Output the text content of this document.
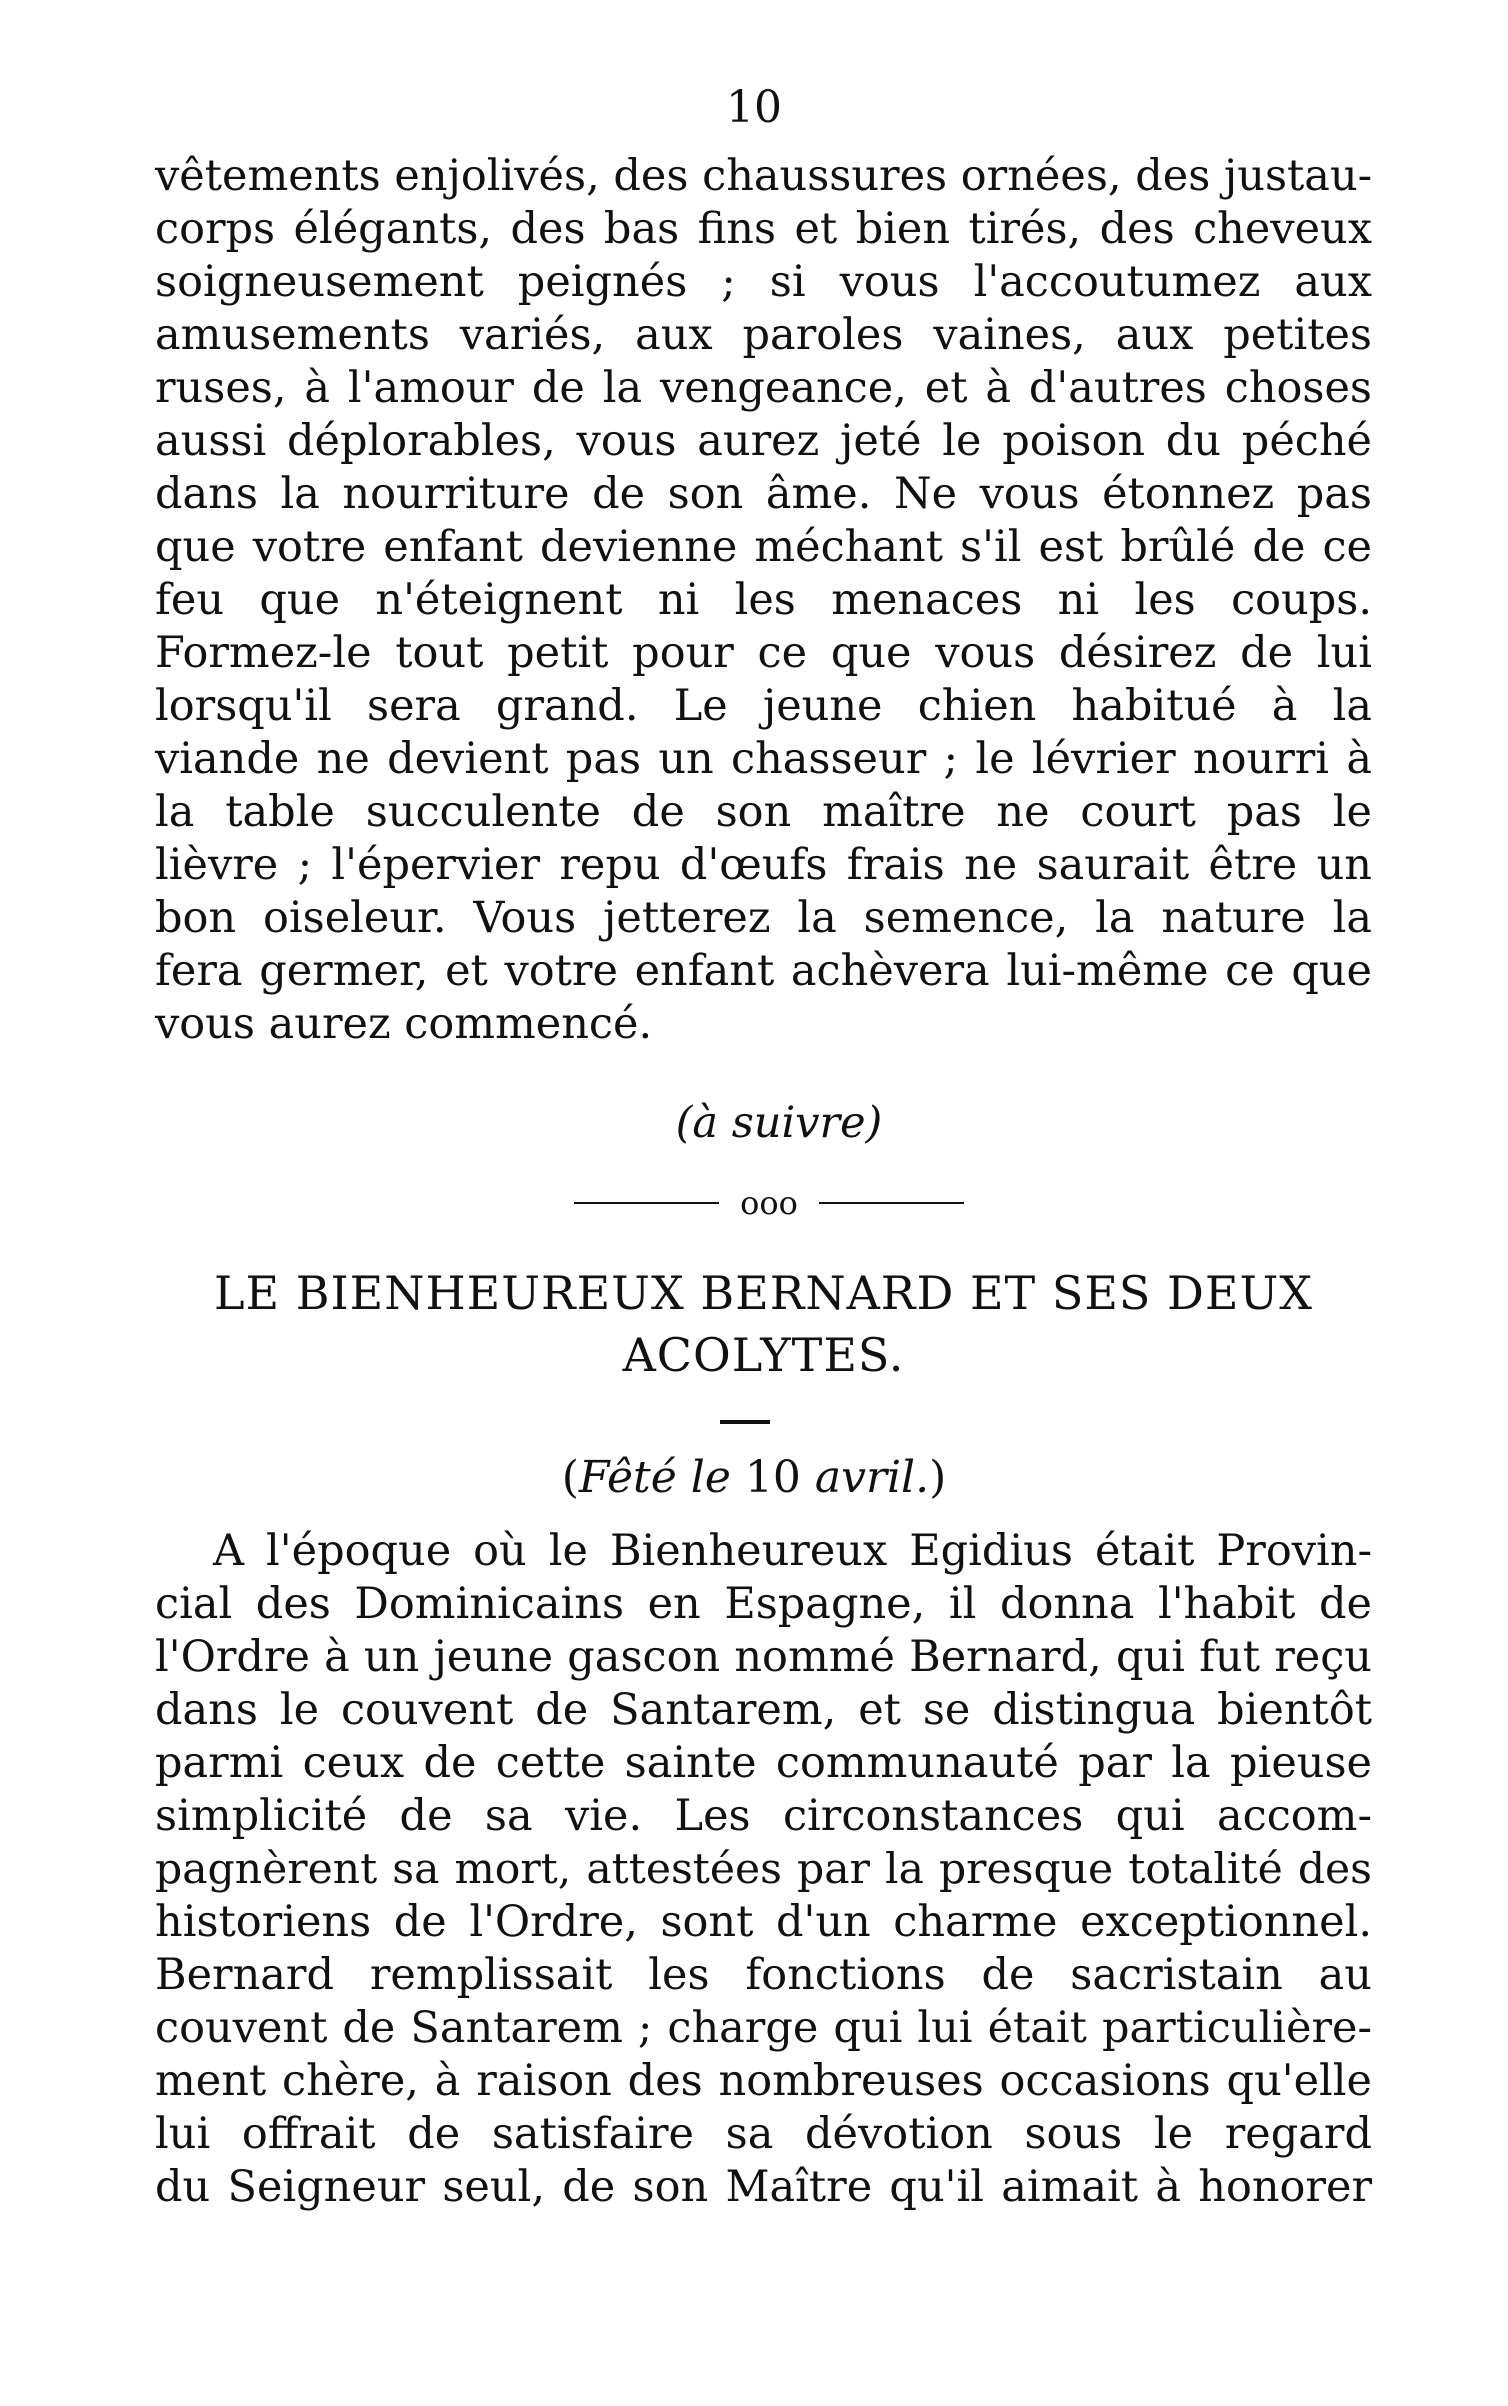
10
vêtements enjolivés, des chaussures ornées, des justau-
corps élégants, des bas fins et bien tirés, des cheveux
soigneusement peignés ; si vous l'accoutumez aux
amusements variés, aux paroles vaines, aux petites
ruses, à l'amour de la vengeance, et à d'autres choses
aussi déplorables, vous aurez jeté le poison du péché
dans la nourriture de son âme. Ne vous étonnez pas
que votre enfant devienne méchant s'il est brûlé de ce
feu que n'éteignent ni les menaces ni les coups.
Formez-le tout petit pour ce que vous désirez de lui
lorsqu'il sera grand. Le jeune chien habitué à la
viande ne devient pas un chasseur ; le lévrier nourri à
la table succulente de son maître ne court pas le
lièvre ; l'épervier repu d'œufs frais ne saurait être un
bon oiseleur. Vous jetterez la semence, la nature la
fera germer, et votre enfant achèvera lui-même ce que
vous aurez commencé.
(à suivre)
ooo
LE BIENHEUREUX BERNARD ET SES DEUX
ACOLYTES.
(Fêté le 10 avril.)
A l'époque où le Bienheureux Egidius était Provin-
cial des Dominicains en Espagne, il donna l'habit de
l'Ordre à un jeune gascon nommé Bernard, qui fut reçu
dans le couvent de Santarem, et se distingua bientôt
parmi ceux de cette sainte communauté par la pieuse
simplicité de sa vie. Les circonstances qui accom-
pagnèrent sa mort, attestées par la presque totalité des
historiens de l'Ordre, sont d'un charme exceptionnel.
Bernard remplissait les fonctions de sacristain au
couvent de Santarem ; charge qui lui était particulière-
ment chère, à raison des nombreuses occasions qu'elle
lui offrait de satisfaire sa dévotion sous le regard
du Seigneur seul, de son Maître qu'il aimait à honorer
